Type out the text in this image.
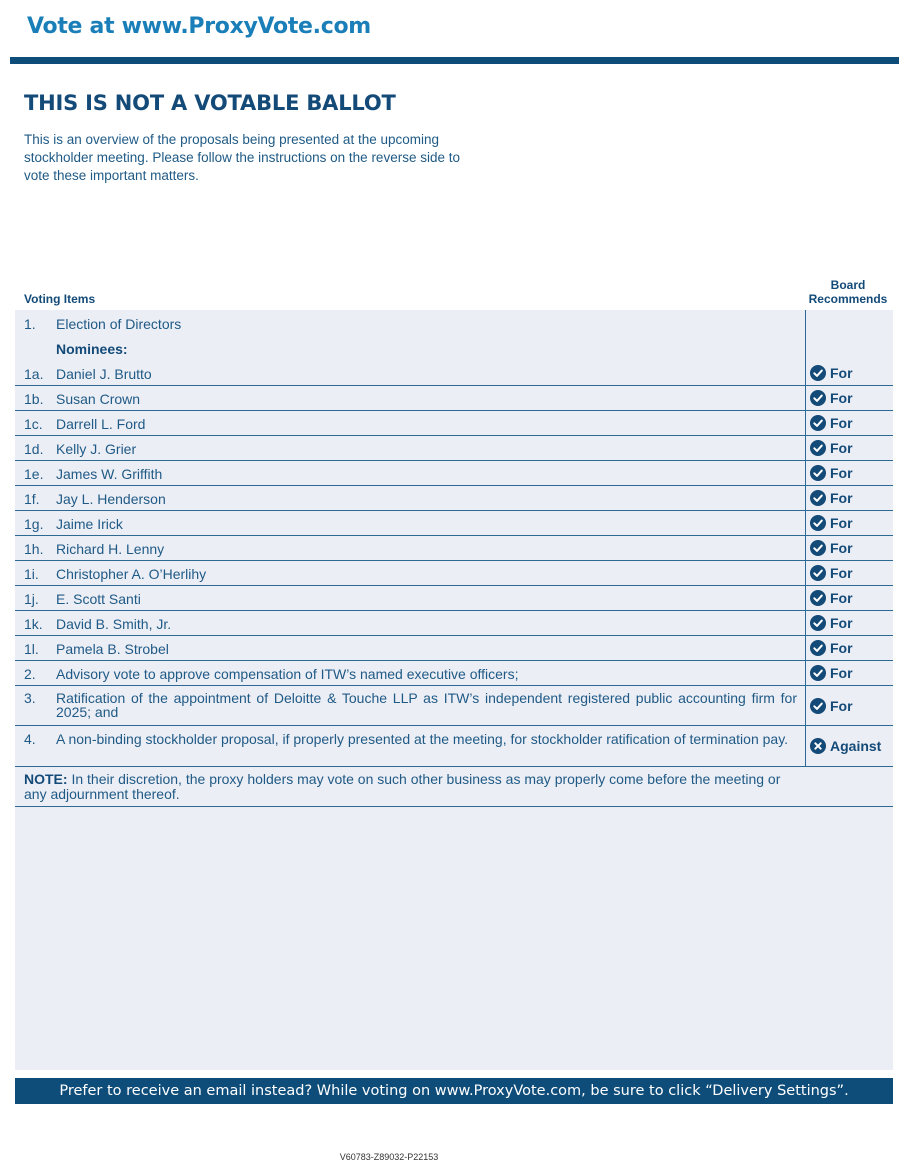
Vote at www.ProxyVote.com
THIS IS NOT A VOTABLE BALLOT

This is an overview of the proposals being presented at the upcoming stockholder meeting. Please follow the instructions on the reverse side to vote these important matters.

Voting Items
Board
Recommends
1.	Election of Directors
Nominees:
1a. Daniel J. Brutto	For
1b. Susan Crown	For
1c. Darrell L. Ford	For
1d. Kelly J. Grier	For
1e. James W. Griffith	For
1f.	Jay L. Henderson	For
1g. Jaime Irick	For
1h. Richard H. Lenny	For
1i.	Christopher A. O’Herlihy	For
1j.	E. Scott Santi	For
1k. David B. Smith, Jr.	For
1l.	Pamela B. Strobel	For
2.	Advisory vote to approve compensation of ITW’s named executive officers;	For
3.	Ratification of the appointment of Deloitte & Touche LLP as ITW’s independent registered public accounting firm for 2025; and	For
4.	A non-binding stockholder proposal, if properly presented at the meeting, for stockholder ratification of termination pay.	Against
NOTE: In their discretion, the proxy holders may vote on such other business as may properly come before the meeting or any adjournment thereof.
Prefer to receive an email instead? While voting on www.ProxyVote.com, be sure to click “Delivery Settings”.
V60783-Z89032-P22153
